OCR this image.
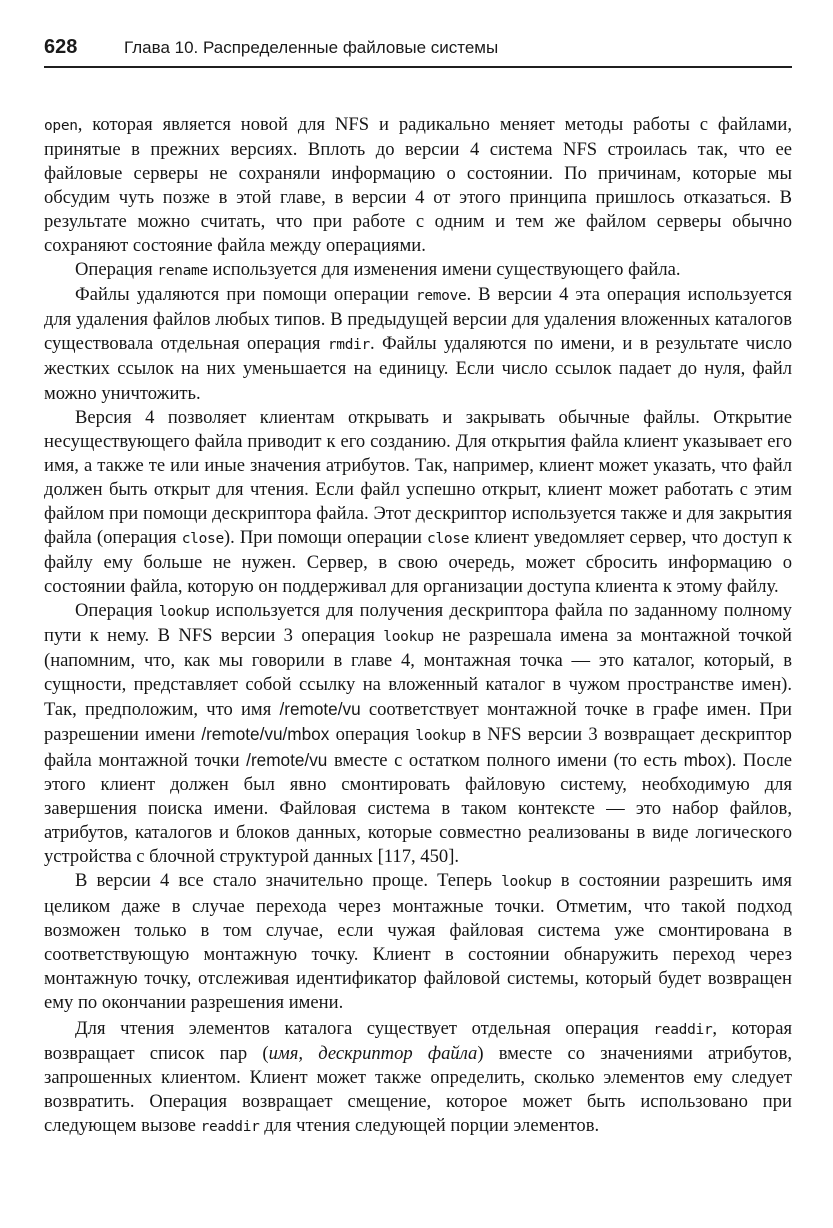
628	Глава 10. Распределенные файловые системы

open, которая является новой для NFS и радикально меняет методы работы с файлами, принятые в прежних версиях. Вплоть до версии 4 система NFS строилась так, что ее файловые серверы не сохраняли информацию о состоянии. По причинам, которые мы обсудим чуть позже в этой главе, в версии 4 от этого принципа пришлось отказаться. В результате можно считать, что при работе с одним и тем же файлом серверы обычно сохраняют состояние файла между операциями.

Операция rename используется для изменения имени существующего файла.

Файлы удаляются при помощи операции remove. В версии 4 эта операция используется для удаления файлов любых типов. В предыдущей версии для удаления вложенных каталогов существовала отдельная операция rmdir. Файлы удаляются по имени, и в результате число жестких ссылок на них уменьшается на единицу. Если число ссылок падает до нуля, файл можно уничтожить.

Версия 4 позволяет клиентам открывать и закрывать обычные файлы. Открытие несуществующего файла приводит к его созданию. Для открытия файла клиент указывает его имя, а также те или иные значения атрибутов. Так, например, клиент может указать, что файл должен быть открыт для чтения. Если файл успешно открыт, клиент может работать с этим файлом при помощи дескриптора файла. Этот дескриптор используется также и для закрытия файла (операция close). При помощи операции close клиент уведомляет сервер, что доступ к файлу ему больше не нужен. Сервер, в свою очередь, может сбросить информацию о состоянии файла, которую он поддерживал для организации доступа клиента к этому файлу.

Операция lookup используется для получения дескриптора файла по заданному полному пути к нему. В NFS версии 3 операция lookup не разрешала имена за монтажной точкой (напомним, что, как мы говорили в главе 4, монтажная точка — это каталог, который, в сущности, представляет собой ссылку на вложенный каталог в чужом пространстве имен). Так, предположим, что имя /remote/vu соответствует монтажной точке в графе имен. При разрешении имени /remote/vu/mbox операция lookup в NFS версии 3 возвращает дескриптор файла монтажной точки /remote/vu вместе с остатком полного имени (то есть mbox). После этого клиент должен был явно смонтировать файловую систему, необходимую для завершения поиска имени. Файловая система в таком контексте — это набор файлов, атрибутов, каталогов и блоков данных, которые совместно реализованы в виде логического устройства с блочной структурой данных [117, 450].

В версии 4 все стало значительно проще. Теперь lookup в состоянии разрешить имя целиком даже в случае перехода через монтажные точки. Отметим, что такой подход возможен только в том случае, если чужая файловая система уже смонтирована в соответствующую монтажную точку. Клиент в состоянии обнаружить переход через монтажную точку, отслеживая идентификатор файловой системы, который будет возвращен ему по окончании разрешения имени.

Для чтения элементов каталога существует отдельная операция readdir, которая возвращает список пар (имя, дескриптор файла) вместе со значениями атрибутов, запрошенных клиентом. Клиент может также определить, сколько элементов ему следует возвратить. Операция возвращает смещение, которое может быть использовано при следующем вызове readdir для чтения следующей порции элементов.
